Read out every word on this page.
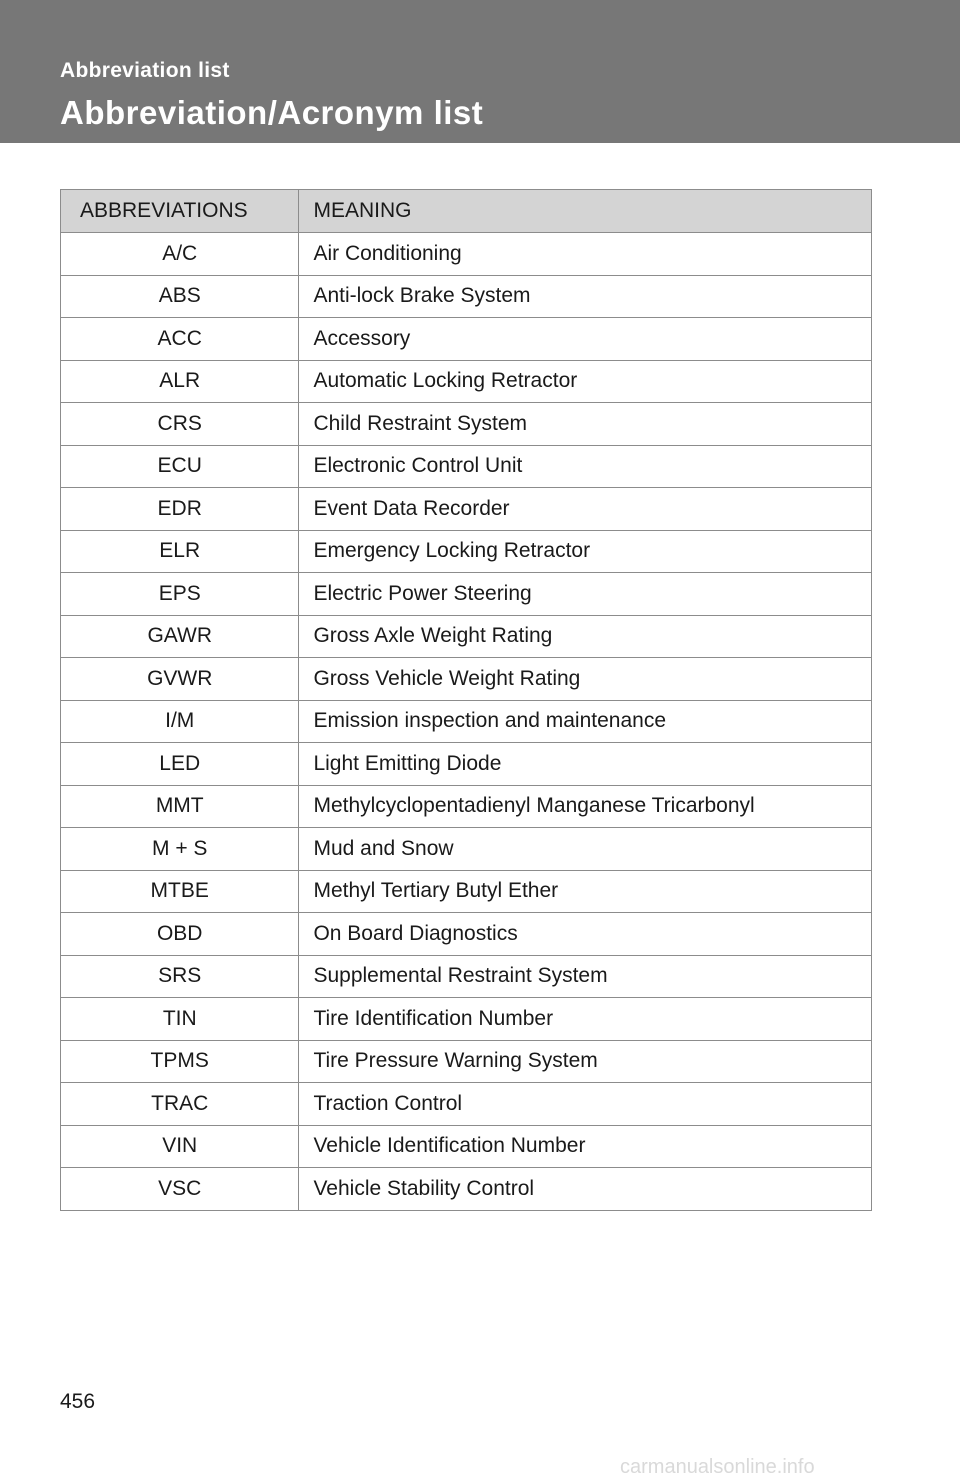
Abbreviation list
Abbreviation/Acronym list
ABBREVIATIONS	MEANING
A/C	Air Conditioning
ABS	Anti-lock Brake System
ACC	Accessory
ALR	Automatic Locking Retractor
CRS	Child Restraint System
ECU	Electronic Control Unit
EDR	Event Data Recorder
ELR	Emergency Locking Retractor
EPS	Electric Power Steering
GAWR	Gross Axle Weight Rating
GVWR	Gross Vehicle Weight Rating
I/M	Emission inspection and maintenance
LED	Light Emitting Diode
MMT	Methylcyclopentadienyl Manganese Tricarbonyl
M + S	Mud and Snow
MTBE	Methyl Tertiary Butyl Ether
OBD	On Board Diagnostics
SRS	Supplemental Restraint System
TIN	Tire Identification Number
TPMS	Tire Pressure Warning System
TRAC	Traction Control
VIN	Vehicle Identification Number
VSC	Vehicle Stability Control
456
carmanualsonline.info
